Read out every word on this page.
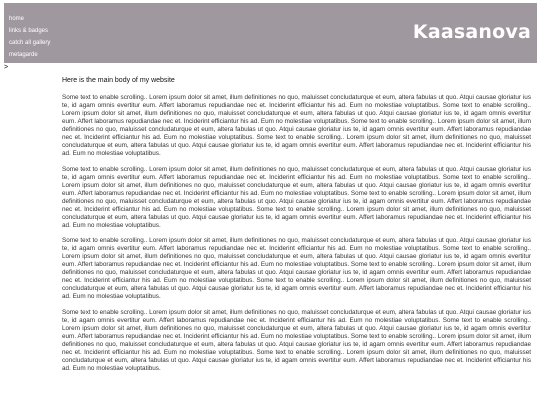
home
links & badges
catch all gallery
metagarde
Kaasanova
>
Here is the main body of my website

Some text to enable scrolling.. Lorem ipsum dolor sit amet, illum definitiones no quo, maluisset concludaturque et eum, altera fabulas ut quo. Atqui causae gloriatur ius te, id agam omnis evertitur eum. Affert laboramus repudiandae nec et. Inciderint efficiantur his ad. Eum no molestiae voluptatibus. Some text to enable scrolling.. Lorem ipsum dolor sit amet, illum definitiones no quo, maluisset concludaturque et eum, altera fabulas ut quo. Atqui causae gloriatur ius te, id agam omnis evertitur eum. Affert laboramus repudiandae nec et. Inciderint efficiantur his ad. Eum no molestiae voluptatibus. Some text to enable scrolling.. Lorem ipsum dolor sit amet, illum definitiones no quo, maluisset concludaturque et eum, altera fabulas ut quo. Atqui causae gloriatur ius te, id agam omnis evertitur eum. Affert laboramus repudiandae nec et. Inciderint efficiantur his ad. Eum no molestiae voluptatibus. Some text to enable scrolling.. Lorem ipsum dolor sit amet, illum definitiones no quo, maluisset concludaturque et eum, altera fabulas ut quo. Atqui causae gloriatur ius te, id agam omnis evertitur eum. Affert laboramus repudiandae nec et. Inciderint efficiantur his ad. Eum no molestiae voluptatibus.

Some text to enable scrolling.. Lorem ipsum dolor sit amet, illum definitiones no quo, maluisset concludaturque et eum, altera fabulas ut quo. Atqui causae gloriatur ius te, id agam omnis evertitur eum. Affert laboramus repudiandae nec et. Inciderint efficiantur his ad. Eum no molestiae voluptatibus. Some text to enable scrolling.. Lorem ipsum dolor sit amet, illum definitiones no quo, maluisset concludaturque et eum, altera fabulas ut quo. Atqui causae gloriatur ius te, id agam omnis evertitur eum. Affert laboramus repudiandae nec et. Inciderint efficiantur his ad. Eum no molestiae voluptatibus. Some text to enable scrolling.. Lorem ipsum dolor sit amet, illum definitiones no quo, maluisset concludaturque et eum, altera fabulas ut quo. Atqui causae gloriatur ius te, id agam omnis evertitur eum. Affert laboramus repudiandae nec et. Inciderint efficiantur his ad. Eum no molestiae voluptatibus. Some text to enable scrolling.. Lorem ipsum dolor sit amet, illum definitiones no quo, maluisset concludaturque et eum, altera fabulas ut quo. Atqui causae gloriatur ius te, id agam omnis evertitur eum. Affert laboramus repudiandae nec et. Inciderint efficiantur his ad. Eum no molestiae voluptatibus.

Some text to enable scrolling.. Lorem ipsum dolor sit amet, illum definitiones no quo, maluisset concludaturque et eum, altera fabulas ut quo. Atqui causae gloriatur ius te, id agam omnis evertitur eum. Affert laboramus repudiandae nec et. Inciderint efficiantur his ad. Eum no molestiae voluptatibus. Some text to enable scrolling.. Lorem ipsum dolor sit amet, illum definitiones no quo, maluisset concludaturque et eum, altera fabulas ut quo. Atqui causae gloriatur ius te, id agam omnis evertitur eum. Affert laboramus repudiandae nec et. Inciderint efficiantur his ad. Eum no molestiae voluptatibus. Some text to enable scrolling.. Lorem ipsum dolor sit amet, illum definitiones no quo, maluisset concludaturque et eum, altera fabulas ut quo. Atqui causae gloriatur ius te, id agam omnis evertitur eum. Affert laboramus repudiandae nec et. Inciderint efficiantur his ad. Eum no molestiae voluptatibus. Some text to enable scrolling.. Lorem ipsum dolor sit amet, illum definitiones no quo, maluisset concludaturque et eum, altera fabulas ut quo. Atqui causae gloriatur ius te, id agam omnis evertitur eum. Affert laboramus repudiandae nec et. Inciderint efficiantur his ad. Eum no molestiae voluptatibus.

Some text to enable scrolling.. Lorem ipsum dolor sit amet, illum definitiones no quo, maluisset concludaturque et eum, altera fabulas ut quo. Atqui causae gloriatur ius te, id agam omnis evertitur eum. Affert laboramus repudiandae nec et. Inciderint efficiantur his ad. Eum no molestiae voluptatibus. Some text to enable scrolling.. Lorem ipsum dolor sit amet, illum definitiones no quo, maluisset concludaturque et eum, altera fabulas ut quo. Atqui causae gloriatur ius te, id agam omnis evertitur eum. Affert laboramus repudiandae nec et. Inciderint efficiantur his ad. Eum no molestiae voluptatibus. Some text to enable scrolling.. Lorem ipsum dolor sit amet, illum definitiones no quo, maluisset concludaturque et eum, altera fabulas ut quo. Atqui causae gloriatur ius te, id agam omnis evertitur eum. Affert laboramus repudiandae nec et. Inciderint efficiantur his ad. Eum no molestiae voluptatibus. Some text to enable scrolling.. Lorem ipsum dolor sit amet, illum definitiones no quo, maluisset concludaturque et eum, altera fabulas ut quo. Atqui causae gloriatur ius te, id agam omnis evertitur eum. Affert laboramus repudiandae nec et. Inciderint efficiantur his ad. Eum no molestiae voluptatibus.
